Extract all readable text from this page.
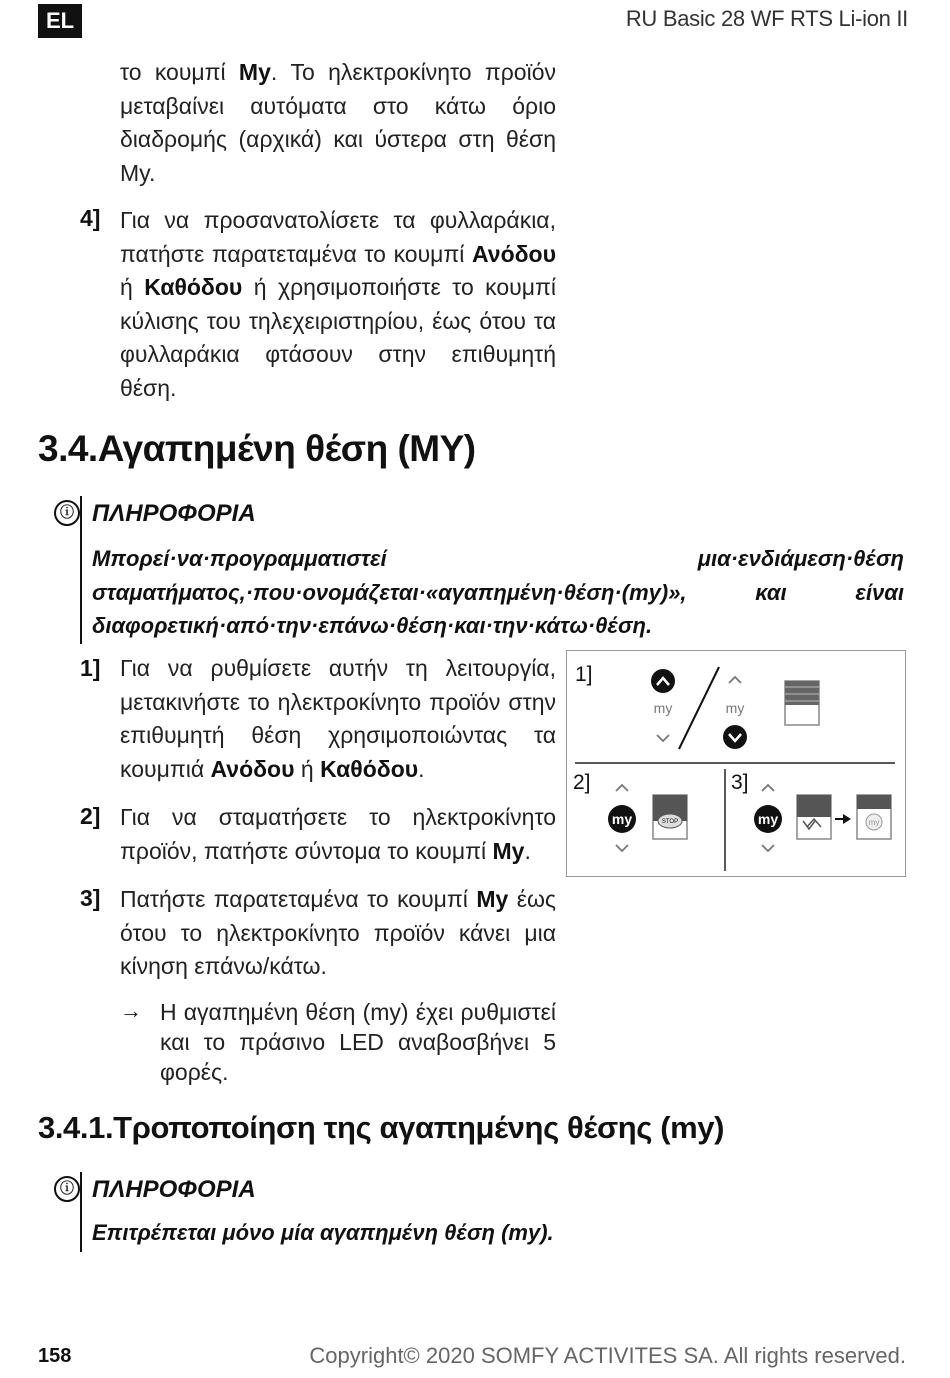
EL	RU Basic 28 WF RTS Li-ion II
το κουμπί My. Το ηλεκτροκίνητο προϊόν μεταβαίνει αυτόματα στο κάτω όριο διαδρομής (αρχικά) και ύστερα στη θέση My.
4] Για να προσανατολίσετε τα φυλλαράκια, πατήστε παρατεταμένα το κουμπί Ανόδου ή Καθόδου ή χρησιμοποιήστε το κουμπί κύλισης του τηλεχειριστηρίου, έως ότου τα φυλλαράκια φτάσουν στην επιθυμητή θέση.
3.4.Αγαπημένη θέση (MY)
ⓘ ΠΛΗΡΟΦΟΡΙΑ
Μπορεί·να·προγραμματιστεί μια·ενδιάμεση·θέση σταματήματος,·που·ονομάζεται·«αγαπημένη·θέση·(my)», και είναι διαφορετική·από·την·επάνω·θέση·και·την·κάτω·θέση.
1] Για να ρυθμίσετε αυτήν τη λειτουργία, μετακινήστε το ηλεκτροκίνητο προϊόν στην επιθυμητή θέση χρησιμοποιώντας τα κουμπιά Ανόδου ή Καθόδου.
2] Για να σταματήσετε το ηλεκτροκίνητο προϊόν, πατήστε σύντομα το κουμπί My.
3] Πατήστε παρατεταμένα το κουμπί My έως ότου το ηλεκτροκίνητο προϊόν κάνει μια κίνηση επάνω/κάτω.
→ Η αγαπημένη θέση (my) έχει ρυθμιστεί και το πράσινο LED αναβοσβήνει 5 φορές.
1]
2]	3]
my	my
my	STOP	my	my
3.4.1.Τροποποίηση της αγαπημένης θέσης (my)
ⓘ ΠΛΗΡΟΦΟΡΙΑ
Επιτρέπεται μόνο μία αγαπημένη θέση (my).
158	Copyright© 2020 SOMFY ACTIVITES SA. All rights reserved.
